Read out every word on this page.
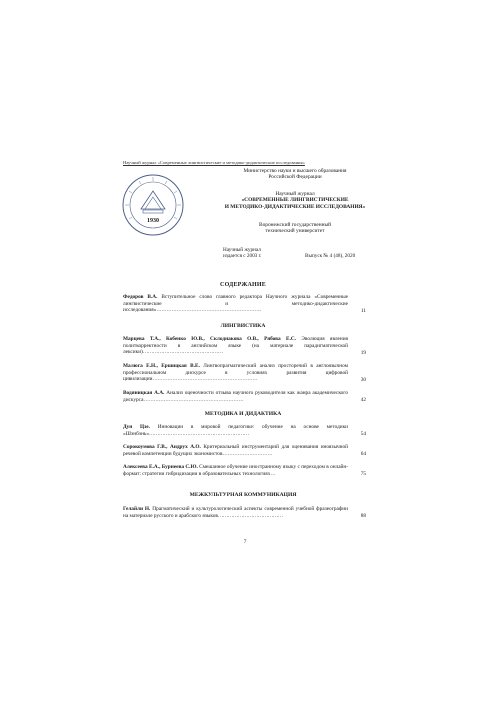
Научный журнал «Современные лингвистические и методико-дидактические исследования»
1930
Министерство науки и высшего образования
Российской Федерации
Научный журнал
«СОВРЕМЕННЫЕ ЛИНГВИСТИЧЕСКИЕ
И МЕТОДИКО-ДИДАКТИЧЕСКИЕ ИССЛЕДОВАНИЯ»
Воронежский государственный
технический университет
Научный журнал
издается с 2003 г.	Выпуск № 4 (48), 2020
СОДЕРЖАНИЕ
Федоров В.А. Вступительное слово главного редактора Научного журнала «Современные лингвистические и методико-дидактические исследования»………………………………………………………	11
ЛИНГВИСТИКА
Марцева Т.А., Кобенко Ю.В., Склоднакова О.В., Рябова Е.С. Эволюция явления политкорректности в английском языке (на материале парадигматической лексики)…………………………………………	19
Малюга Е.Н., Ершицкая В.Е. Лингвопрагматический анализ просторечий в англоязычном профессиональном дискурсе в условиях развития цифровой цивилизации………………………………………………………	30
Водяницкая А.А. Анализ оценочности отзыва научного руководителя как жанра академического дискурса……………………………………………………	42
МЕТОДИКА И ДИДАКТИКА
Дун Цзе. Инновации в мировой педагогике: обучение на основе методики «Шэнбэнь»……………………………………………………	54
Сорокоумова Г.В., Андрух А.О. Критериальный инструментарий для оценивания иноязычной речевой компетенции будущих экономистов…………………………	64
Алексеева Е.А., Бурнеева С.Ю. Смешанное обучение иностранному языку с переходом в онлайн-формат: стратегии гибридизации в образовательных технологиях…	75
МЕЖКУЛЬТУРНАЯ КОММУНИКАЦИЯ
Гелайли Н. Прагматический и культурологический аспекты современной учебной фразеографии на материале русского и арабского языков…………………………………	88
7
